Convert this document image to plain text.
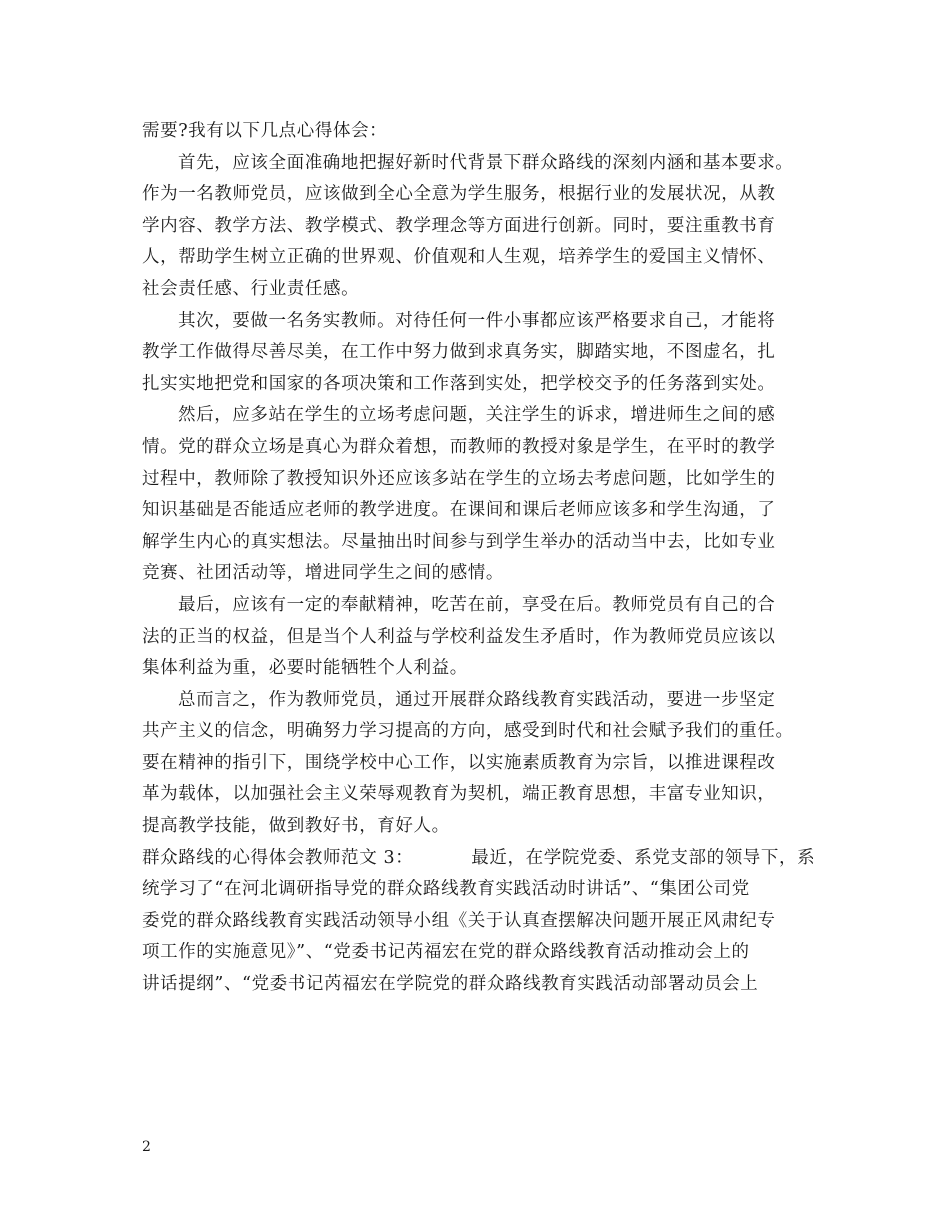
需要?我有以下几点心得体会：
首先，应该全面准确地把握好新时代背景下群众路线的深刻内涵和基本要求。
作为一名教师党员，应该做到全心全意为学生服务，根据行业的发展状况，从教
学内容、教学方法、教学模式、教学理念等方面进行创新。同时，要注重教书育
人，帮助学生树立正确的世界观、价值观和人生观，培养学生的爱国主义情怀、
社会责任感、行业责任感。
其次，要做一名务实教师。对待任何一件小事都应该严格要求自己，才能将
教学工作做得尽善尽美，在工作中努力做到求真务实，脚踏实地，不图虚名，扎
扎实实地把党和国家的各项决策和工作落到实处，把学校交予的任务落到实处。
然后，应多站在学生的立场考虑问题，关注学生的诉求，增进师生之间的感
情。党的群众立场是真心为群众着想，而教师的教授对象是学生，在平时的教学
过程中，教师除了教授知识外还应该多站在学生的立场去考虑问题，比如学生的
知识基础是否能适应老师的教学进度。在课间和课后老师应该多和学生沟通，了
解学生内心的真实想法。尽量抽出时间参与到学生举办的活动当中去，比如专业
竞赛、社团活动等，增进同学生之间的感情。
最后，应该有一定的奉献精神，吃苦在前，享受在后。教师党员有自己的合
法的正当的权益，但是当个人利益与学校利益发生矛盾时，作为教师党员应该以
集体利益为重，必要时能牺牲个人利益。
总而言之，作为教师党员，通过开展群众路线教育实践活动，要进一步坚定
共产主义的信念，明确努力学习提高的方向，感受到时代和社会赋予我们的重任。
要在精神的指引下，围绕学校中心工作，以实施素质教育为宗旨，以推进课程改
革为载体，以加强社会主义荣辱观教育为契机，端正教育思想，丰富专业知识，
提高教学技能，做到教好书，育好人。
群众路线的心得体会教师范文 3：	最近，在学院党委、系党支部的领导下，系
统学习了“在河北调研指导党的群众路线教育实践活动时讲话”、“集团公司党
委党的群众路线教育实践活动领导小组《关于认真查摆解决问题开展正风肃纪专
项工作的实施意见》”、“党委书记芮福宏在党的群众路线教育活动推动会上的
讲话提纲”、“党委书记芮福宏在学院党的群众路线教育实践活动部署动员会上
2
